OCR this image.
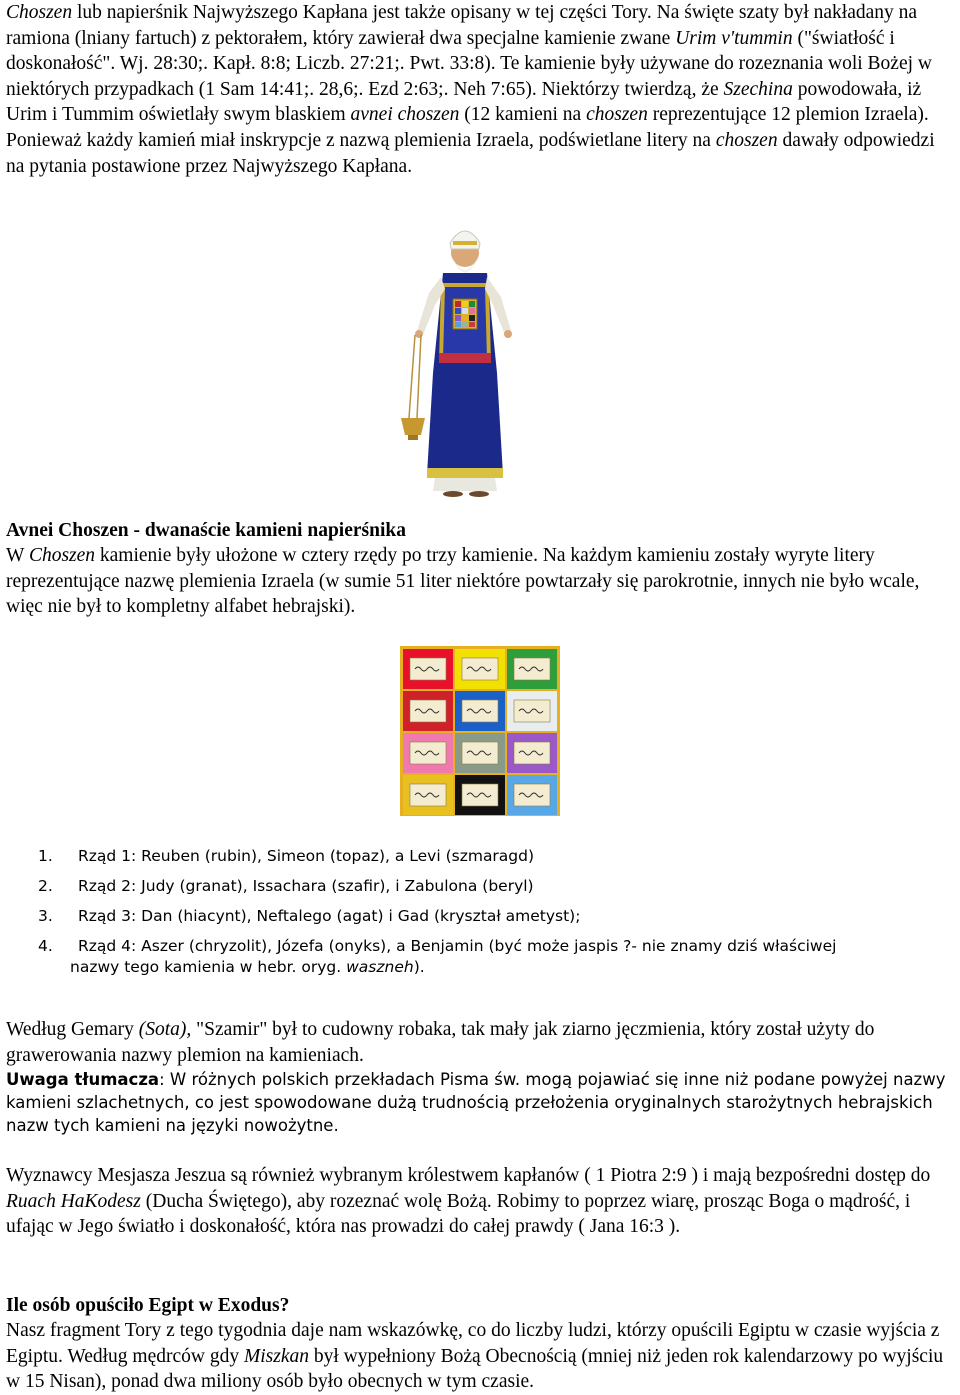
Choszen lub napierśnik Najwyższego Kapłana jest także opisany w tej części Tory. Na święte szaty był nakładany na ramiona (lniany fartuch) z pektorałem, który zawierał dwa specjalne kamienie zwane Urim v'tummin ("światłość i doskonałość". Wj. 28:30;. Kapł. 8:8; Liczb. 27:21;. Pwt. 33:8). Te kamienie były używane do rozeznania woli Bożej w niektórych przypadkach (1 Sam 14:41;. 28,6;. Ezd 2:63;. Neh 7:65). Niektórzy twierdzą, że Szechina powodowała, iż Urim i Tummim oświetlały swym blaskiem avnei choszen (12 kamieni na choszen reprezentujące 12 plemion Izraela). Ponieważ każdy kamień miał inskrypcje z nazwą plemienia Izraela, podświetlane litery na choszen dawały odpowiedzi na pytania postawione przez Najwyższego Kapłana.

Avnei Choszen - dwanaście kamieni napierśnika

W Choszen kamienie były ułożone w cztery rzędy po trzy kamienie. Na każdym kamieniu zostały wyryte litery reprezentujące nazwę plemienia Izraela (w sumie 51 liter niektóre powtarzały się parokrotnie, innych nie było wcale, więc nie był to kompletny alfabet hebrajski).

1. Rząd 1: Reuben (rubin), Simeon (topaz), a Levi (szmaragd)
2. Rząd 2: Judy (granat), Issachara (szafir), i Zabulona (beryl)
3. Rząd 3: Dan (hiacynt), Neftalego (agat) i Gad (kryształ ametyst);
4. Rząd 4: Aszer (chryzolit), Józefa (onyks), a Benjamin (być może jaspis ?- nie znamy dziś właściwej
nazwy tego kamienia w hebr. oryg. waszneh).

Według Gemary (Sota), "Szamir" był to cudowny robaka, tak mały jak ziarno jęczmienia, który został użyty do grawerowania nazwy plemion na kamieniach.

Uwaga tłumacza: W różnych polskich przekładach Pisma św. mogą pojawiać się inne niż podane powyżej nazwy kamieni szlachetnych, co jest spowodowane dużą trudnością przełożenia oryginalnych starożytnych hebrajskich nazw tych kamieni na języki nowożytne.

Wyznawcy Mesjasza Jeszua są również wybranym królestwem kapłanów ( 1 Piotra 2:9 ) i mają bezpośredni dostęp do Ruach HaKodesz (Ducha Świętego), aby rozeznać wolę Bożą. Robimy to poprzez wiarę, prosząc Boga o mądrość, i ufając w Jego światło i doskonałość, która nas prowadzi do całej prawdy ( Jana 16:3 ).

Ile osób opuściło Egipt w Exodus?

Nasz fragment Tory z tego tygodnia daje nam wskazówkę, co do liczby ludzi, którzy opuścili Egiptu w czasie wyjścia z Egiptu. Według mędrców gdy Miszkan był wypełniony Bożą Obecnością (mniej niż jeden rok kalendarzowy po wyjściu w 15 Nisan), ponad dwa miliony osób było obecnych w tym czasie.
